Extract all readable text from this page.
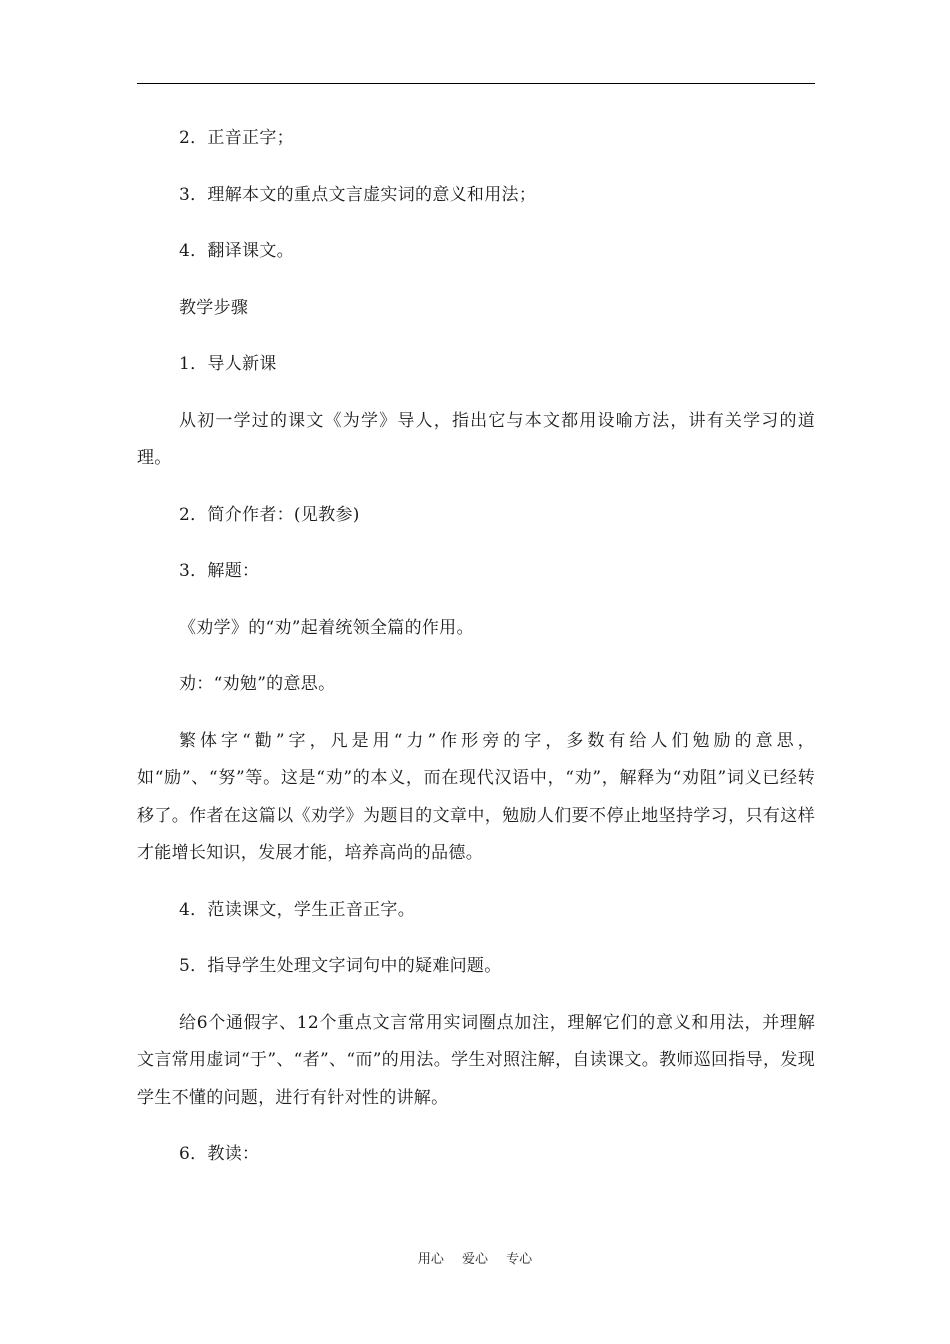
2．正音正字；

3．理解本文的重点文言虚实词的意义和用法；

4．翻译课文。

教学步骤

1．导人新课

从初一学过的课文《为学》导人，指出它与本文都用设喻方法，讲有关学习的道理。

2．简介作者：(见教参)

3．解题：

《劝学》的“劝”起着统领全篇的作用。

劝：“劝勉”的意思。

繁体字“勸”字，凡是用“力”作形旁的字，多数有给人们勉励的意思，如“励”、“努”等。这是“劝”的本义，而在现代汉语中，“劝”，解释为“劝阻”词义已经转移了。作者在这篇以《劝学》为题目的文章中，勉励人们要不停止地坚持学习，只有这样才能增长知识，发展才能，培养高尚的品德。

4．范读课文，学生正音正字。

5．指导学生处理文字词句中的疑难问题。

给6个通假字、12个重点文言常用实词圈点加注，理解它们的意义和用法，并理解文言常用虚词“于”、“者”、“而”的用法。学生对照注解，自读课文。教师巡回指导，发现学生不懂的问题，进行有针对性的讲解。

6．教读：

用心 爱心 专心
